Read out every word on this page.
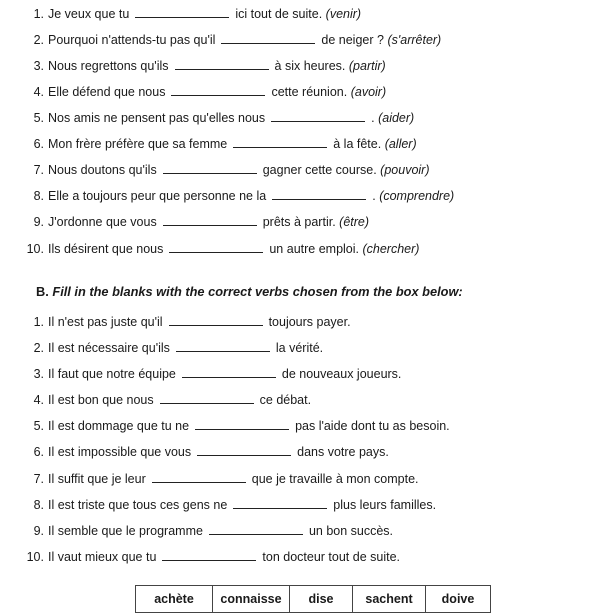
1. Je veux que tu	ici tout de suite. (venir)
2. Pourquoi n'attends-tu pas qu'il	de neiger ? (s'arrêter)
3. Nous regrettons qu'ils	à six heures. (partir)
4. Elle défend que nous	cette réunion. (avoir)
5. Nos amis ne pensent pas qu'elles nous	. (aider)
6. Mon frère préfère que sa femme	à la fête. (aller)
7. Nous doutons qu'ils	gagner cette course. (pouvoir)
8. Elle a toujours peur que personne ne la	. (comprendre)
9. J'ordonne que vous	prêts à partir. (être)
10. Ils désirent que nous	un autre emploi. (chercher)
B. Fill in the blanks with the correct verbs chosen from the box below:
1. Il n'est pas juste qu'il	toujours payer.
2. Il est nécessaire qu'ils	la vérité.
3. Il faut que notre équipe	de nouveaux joueurs.
4. Il est bon que nous	ce débat.
5. Il est dommage que tu ne	pas l'aide dont tu as besoin.
6. Il est impossible que vous	dans votre pays.
7. Il suffit que je leur	que je travaille à mon compte.
8. Il est triste que tous ces gens ne	plus leurs familles.
9. Il semble que le programme	un bon succès.
10. Il vaut mieux que tu	ton docteur tout de suite.
achète	connaisse	dise	sachent	doive
